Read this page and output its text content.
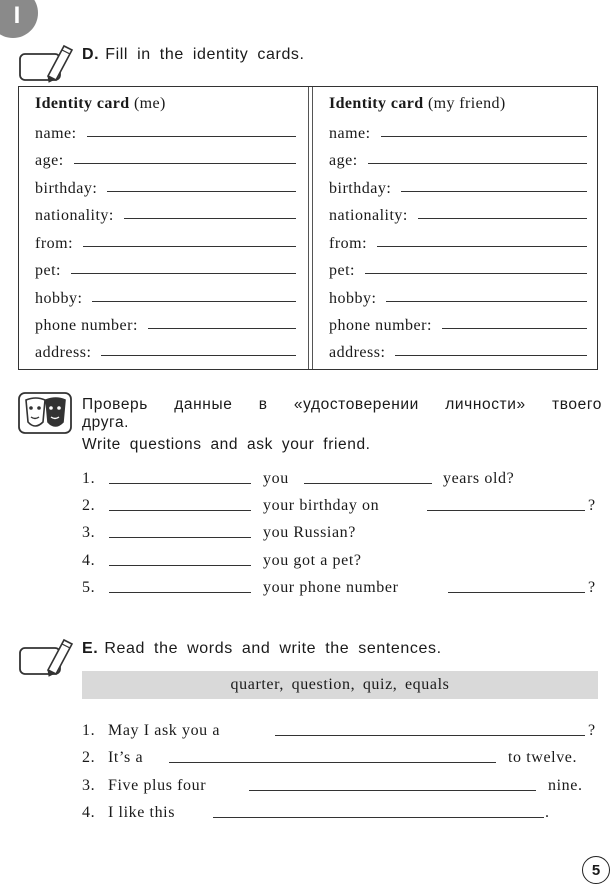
I
D. Fill in the identity cards.
Identity card (me)
name:
age:
birthday:
nationality:
from:
pet:
hobby:
phone number:
address:
Identity card (my friend)
name:
age:
birthday:
nationality:
from:
pet:
hobby:
phone number:
address:
Проверь данные в «удостоверении личности» твоего друга.
Write questions and ask your friend.
1.	you	years old?
2.	your birthday on	?
3.	you Russian?
4.	you got a pet?
5.	your phone number	?
E. Read the words and write the sentences.
quarter, question, quiz, equals
1. May I ask you a	?
2. It’s a	to twelve.
3. Five plus four	nine.
4. I like this	.
5
